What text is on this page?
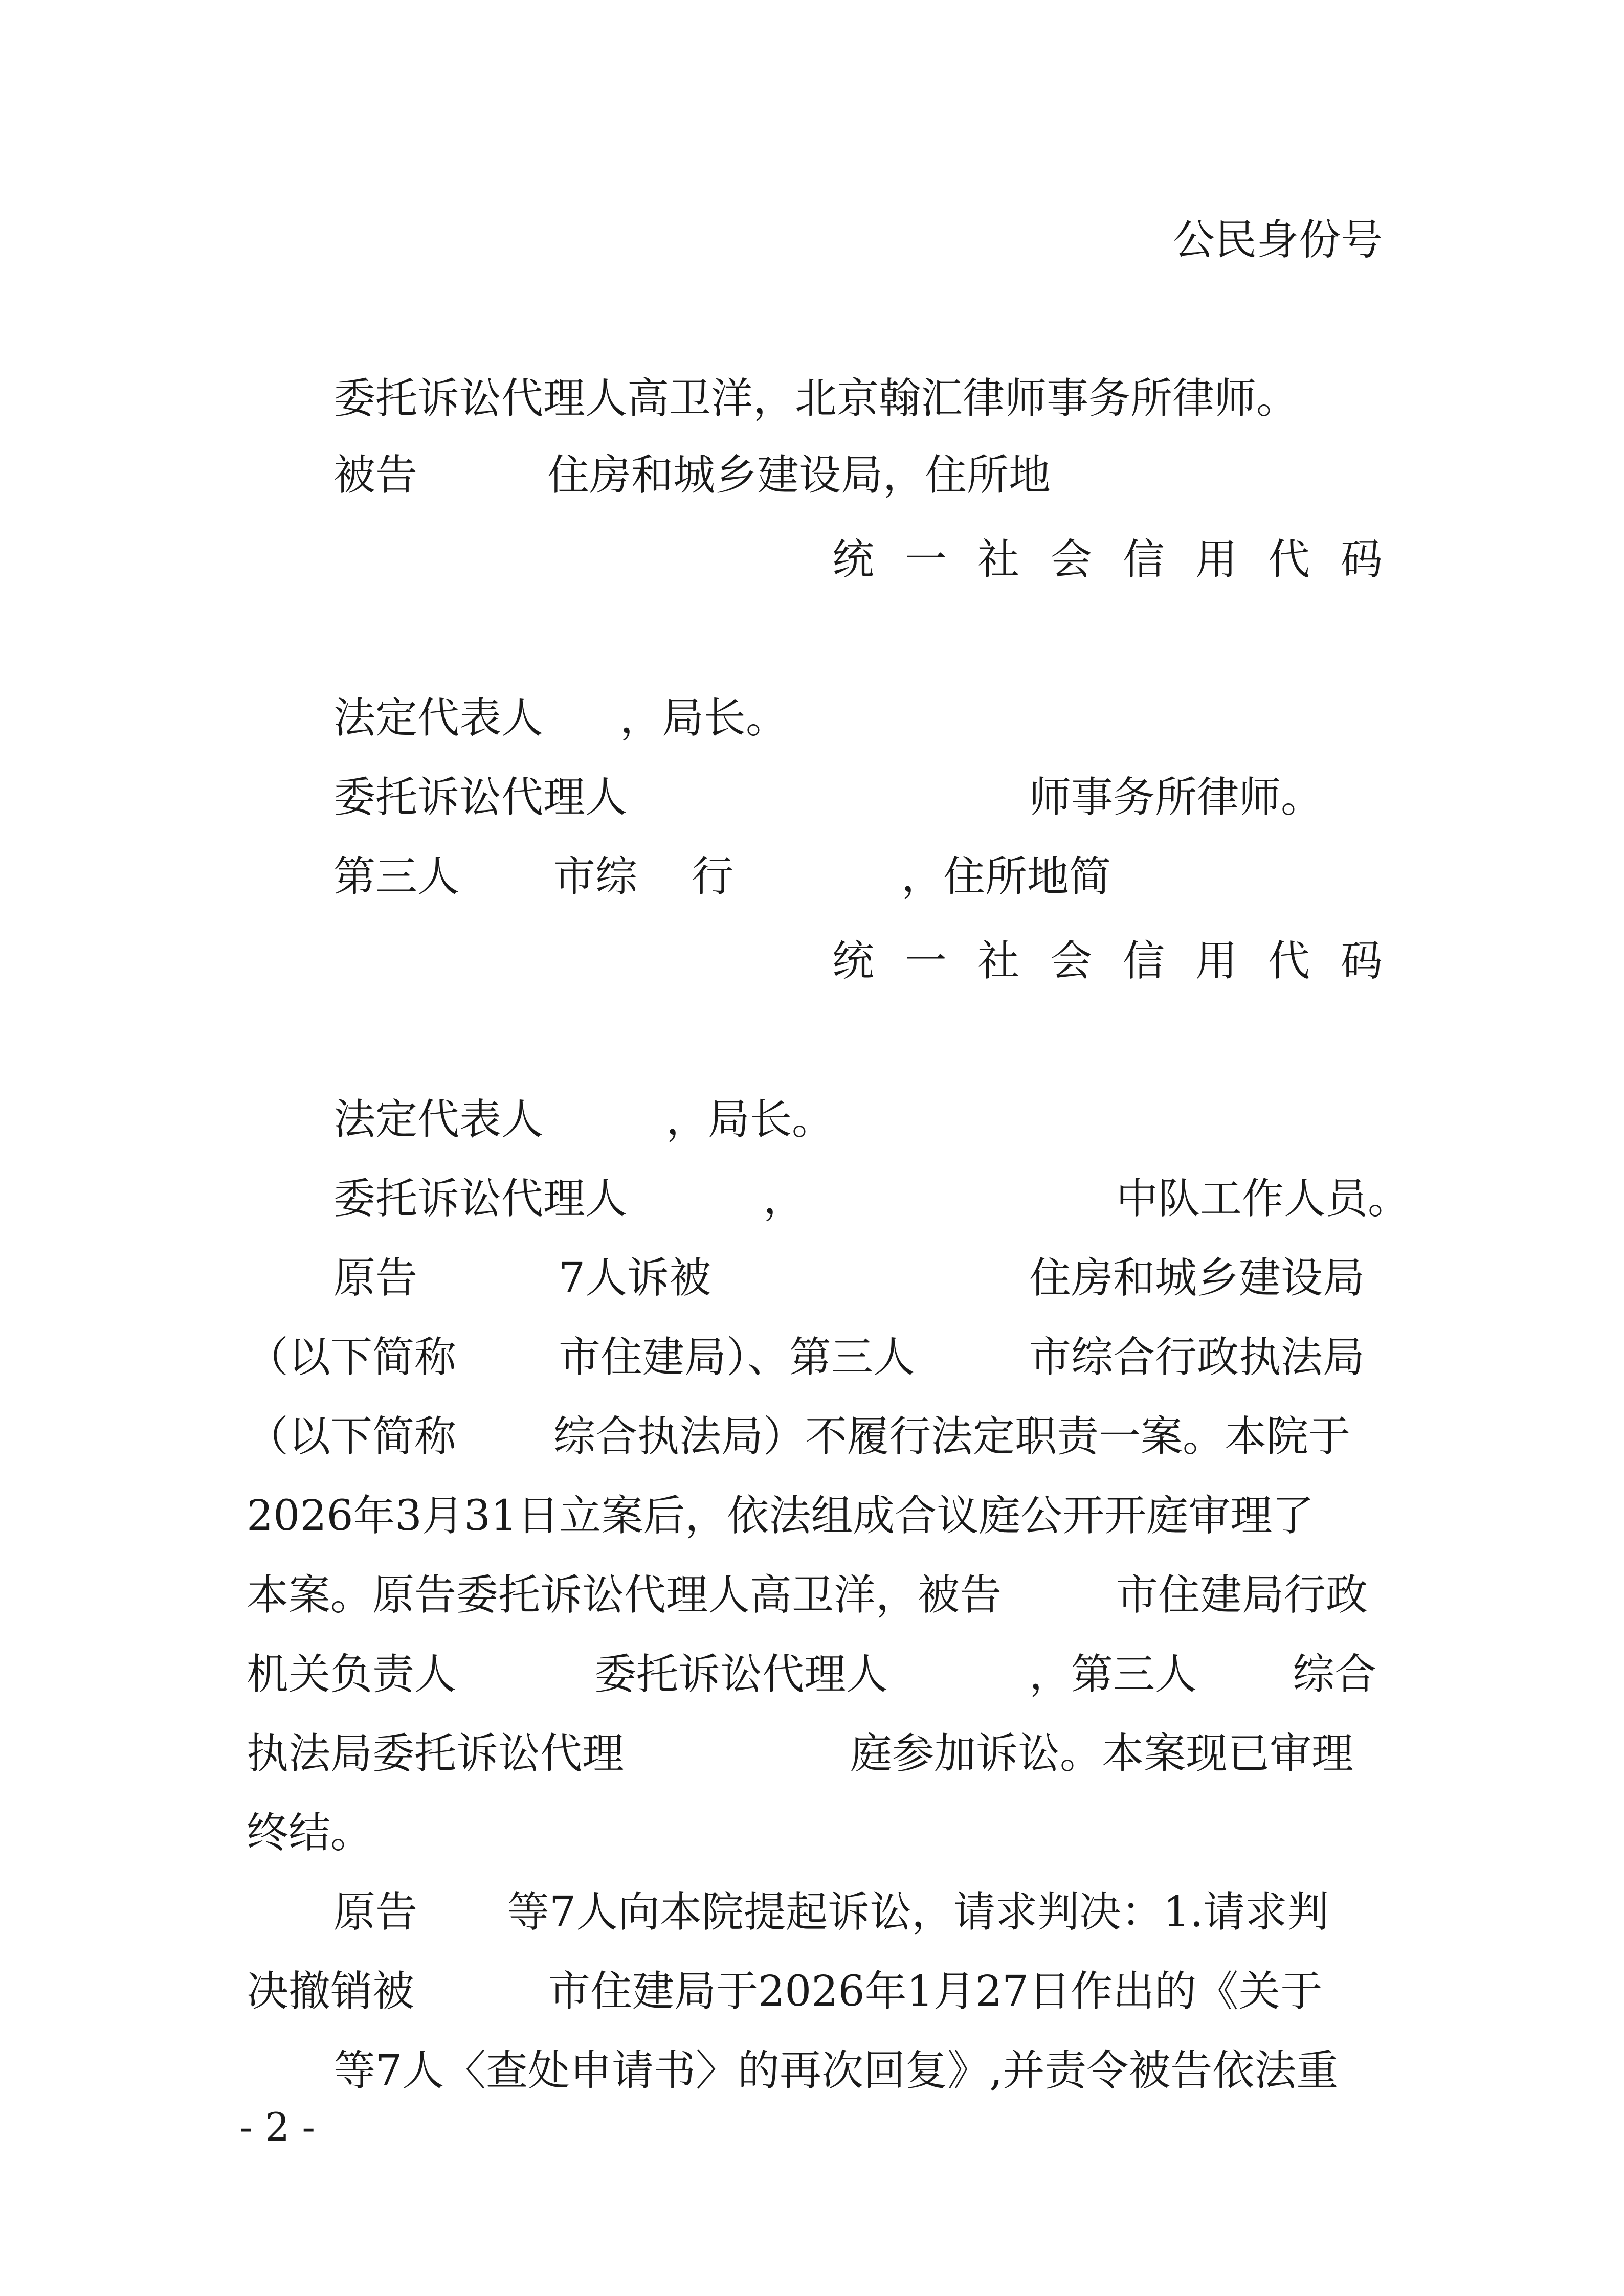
公民身份号
委托诉讼代理人高卫洋，北京翰汇律师事务所律师。
被告	住房和城乡建设局，住所地
统一社会信用代码
法定代表人 ，局长。
委托诉讼代理人	师事务所律师。
第三人 市综 行	，住所地简
统一社会信用代码
法定代表人	，局长。
委托诉讼代理人	，	中队工作人员。
原告	7人诉被	住房和城乡建设局
（以下简称 市住建局）、第三人	市综合行政执法局
（以下简称 综合执法局）不履行法定职责一案。本院于
2026年3月31日立案后，依法组成合议庭公开开庭审理了
本案。原告委托诉讼代理人高卫洋，被告	市住建局行政
机关负责人	委托诉讼代理人	，第三人 综合
执法局委托诉讼代理	庭参加诉讼。本案现已审理
终结。
原告 等7人向本院提起诉讼，请求判决：1.请求判
决撤销被	市住建局于2026年1月27日作出的《关于
等7人〈查处申请书〉的再次回复》,并责令被告依法重
- 2 -
